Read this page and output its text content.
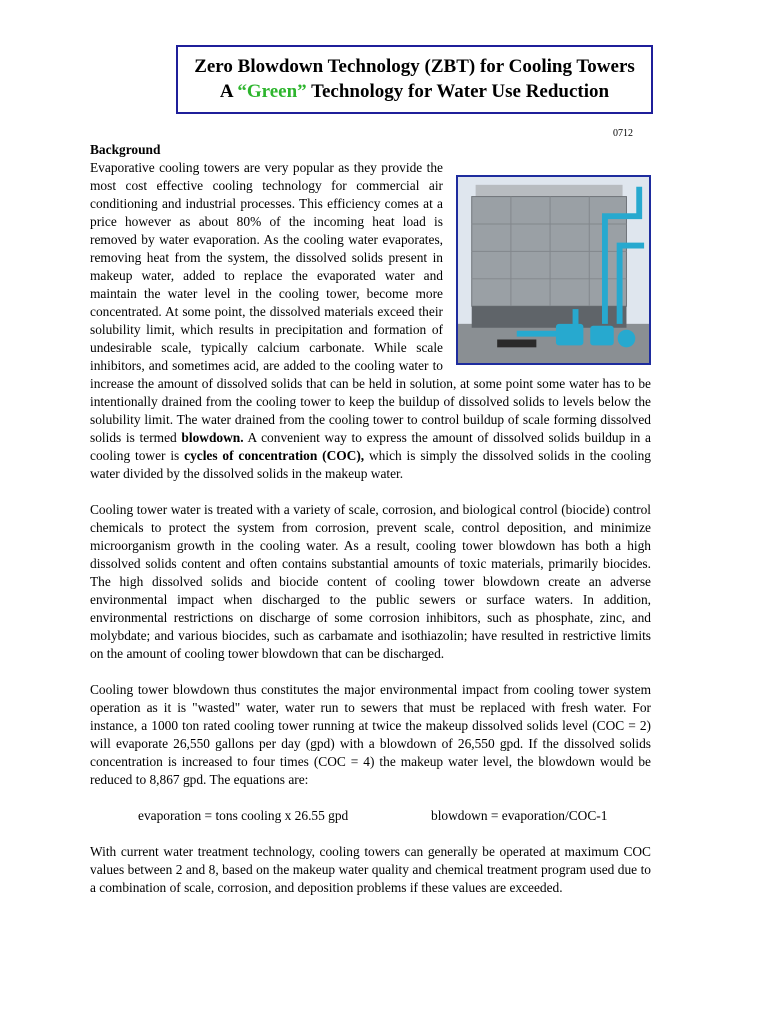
Zero Blowdown Technology (ZBT) for Cooling Towers
A “Green” Technology for Water Use Reduction
0712
Background

Evaporative cooling towers are very popular as they provide the most cost effective cooling technology for commercial air conditioning and industrial processes. This efficiency comes at a price however as about 80% of the incoming heat load is removed by water evaporation. As the cooling water evaporates, removing heat from the system, the dissolved solids present in makeup water, added to replace the evaporated water and maintain the water level in the cooling tower, become more concentrated. At some point, the dissolved materials exceed their solubility limit, which results in precipitation and formation of undesirable scale, typically calcium carbonate. While scale inhibitors, and sometimes acid, are added to the cooling water to increase the amount of dissolved solids that can be held in solution, at some point some water has to be intentionally drained from the cooling tower to keep the buildup of dissolved solids to levels below the solubility limit. The water drained from the cooling tower to control buildup of scale forming dissolved solids is termed blowdown. A convenient way to express the amount of dissolved solids buildup in a cooling tower is cycles of concentration (COC), which is simply the dissolved solids in the cooling water divided by the dissolved solids in the makeup water.

Cooling tower water is treated with a variety of scale, corrosion, and biological control (biocide) control chemicals to protect the system from corrosion, prevent scale, control deposition, and minimize microorganism growth in the cooling water. As a result, cooling tower blowdown has both a high dissolved solids content and often contains substantial amounts of toxic materials, primarily biocides. The high dissolved solids and biocide content of cooling tower blowdown create an adverse environmental impact when discharged to the public sewers or surface waters. In addition, environmental restrictions on discharge of some corrosion inhibitors, such as phosphate, zinc, and molybdate; and various biocides, such as carbamate and isothiazolin; have resulted in restrictive limits on the amount of cooling tower blowdown that can be discharged.

Cooling tower blowdown thus constitutes the major environmental impact from cooling tower system operation as it is "wasted" water, water run to sewers that must be replaced with fresh water. For instance, a 1000 ton rated cooling tower running at twice the makeup dissolved solids level (COC = 2) will evaporate 26,550 gallons per day (gpd) with a blowdown of 26,550 gpd. If the dissolved solids concentration is increased to four times (COC = 4) the makeup water level, the blowdown would be reduced to 8,867 gpd. The equations are:

evaporation = tons cooling x 26.55 gpd	blowdown = evaporation/COC-1

With current water treatment technology, cooling towers can generally be operated at maximum COC values between 2 and 8, based on the makeup water quality and chemical treatment program used due to a combination of scale, corrosion, and deposition problems if these values are exceeded.
